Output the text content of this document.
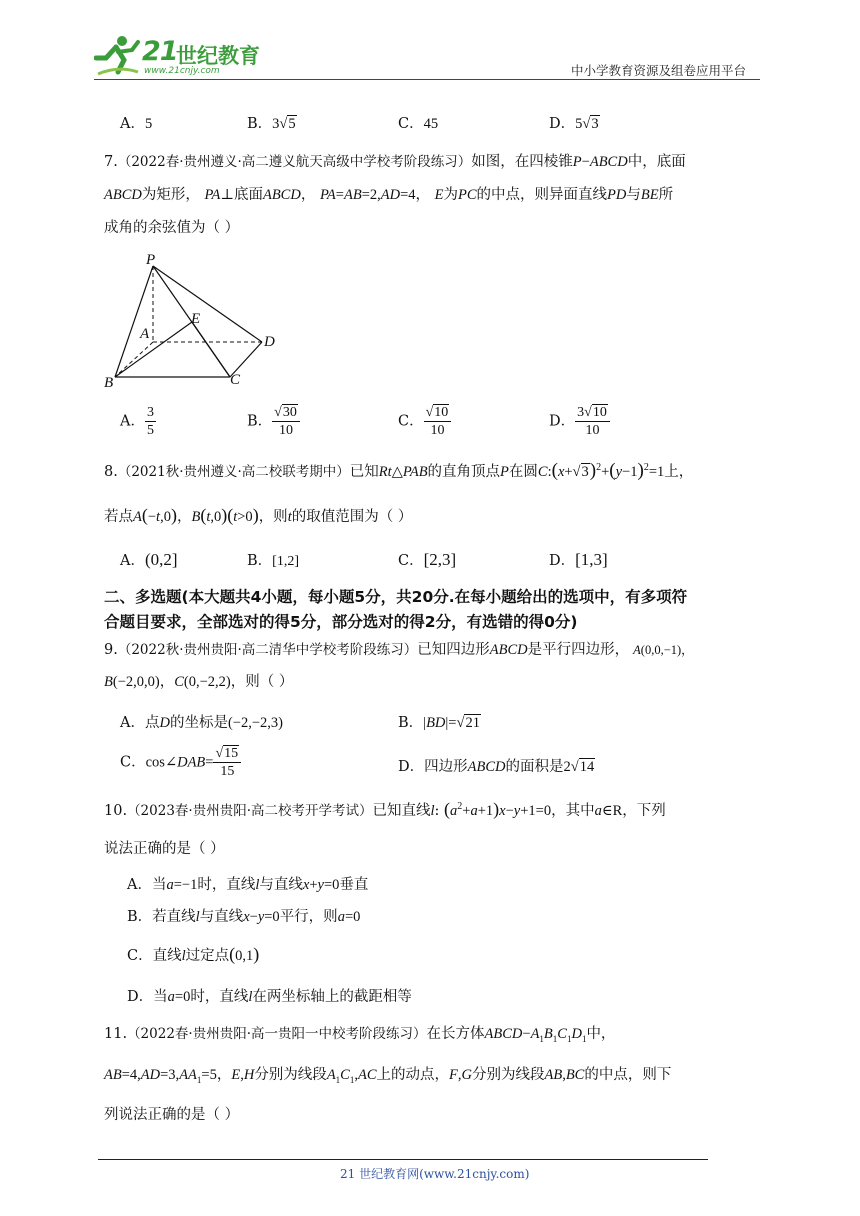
21
世纪教育
www.21cnjy.com	中小学教育资源及组卷应用平台
A．5	B．3√5	C．45	D．5√3
7.（2022春·贵州遵义·高二遵义航天高级中学校考阶段练习）如图，在四棱锥P−ABCD中，底面
ABCD为矩形， PA⊥底面ABCD， PA=AB=2,AD=4， E为PC的中点，则异面直线PD与BE所
成角的余弦值为（ ）
P
A
E
D
B	C
A． $\frac{3}{5}$	B． $\frac{√30}{10}$	C． $\frac{√10}{10}$	D． $\frac{3√10}{10}$
8.（2021秋·贵州遵义·高二校联考期中）已知Rt△PAB的直角顶点P在圆$C:(x+√3)^2+(y-1)^2=1$上，
若点A(−t,0)，B(t,0)(t>0)，则t的取值范围为（ ）
A．(0,2]	B．[1,2]	C．[2,3]	D．[1,3]
二、多选题(本大题共4小题，每小题5分，共20分.在每小题给出的选项中，有多项符
合题目要求，全部选对的得5分，部分选对的得2分，有选错的得0分)
9.（2022秋·贵州贵阳·高二清华中学校考阶段练习）已知四边形ABCD是平行四边形， A(0,0,−1)，
B(−2,0,0)，C(0,−2,2)，则（ ）
A．点D的坐标是(−2,−2,3)	B．|BD|=√21
C．cos∠DAB= $\frac{√15}{15}$	D．四边形ABCD的面积是2√14
10.（2023春·贵州贵阳·高二校考开学考试）已知直线l: $(a^2+a+1)x-y+1=0$，其中a∈R，下列
说法正确的是（ ）
A．当a=−1时，直线l与直线x+y=0垂直
B．若直线l与直线x−y=0平行，则a=0
C．直线l过定点(0,1)
D．当a=0时，直线l在两坐标轴上的截距相等
11.（2022春·贵州贵阳·高一贵阳一中校考阶段练习）在长方体$ABCD-A_1B_1C_1D_1$中，
$AB=4,AD=3,AA_1=5$，E,H分别为线段$A_1C_1,AC$上的动点，F,G分别为线段AB,BC的中点，则下
列说法正确的是（ ）
21 世纪教育网(www.21cnjy.com)
